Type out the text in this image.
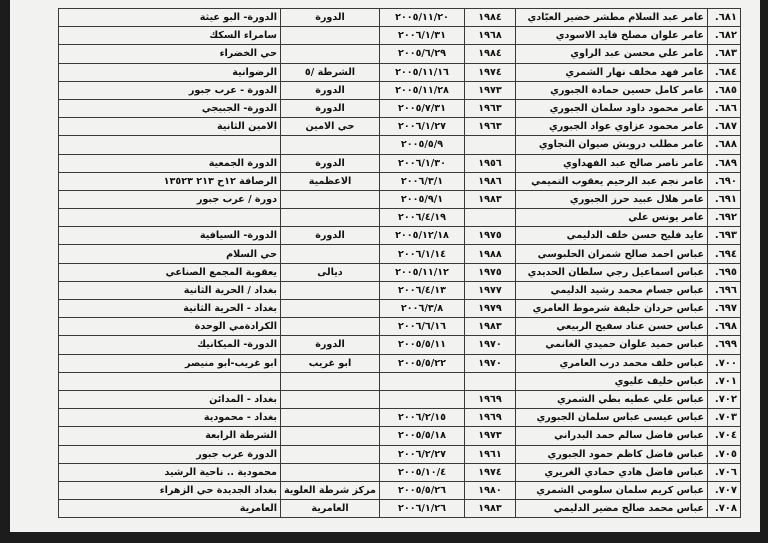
٦٨١.	عامر عبد السلام مطشر خضير العبّادي	١٩٨٤	٢٠٠٥/١١/٢٠	الدورة	الدورة- البو عيثة
٦٨٢.	عامر علوان مصلح فايد الاسودي	١٩٦٨	٢٠٠٦/١/٣١		سامراء السكك
٦٨٣.	عامر علي محسن عبد الراوي	١٩٨٤	٢٠٠٥/٦/٢٩		حي الخضراء
٦٨٤.	عامر فهد مخلف نهار الشمري	١٩٧٤	٢٠٠٥/١١/١٦	الشرطة /٥	الرضوانية
٦٨٥.	عامر كامل حسين حمادة الجبوري	١٩٧٣	٢٠٠٥/١١/٢٨	الدورة	الدورة - عرب جبور
٦٨٦.	عامر محمود داود سلمان الجبوري	١٩٦٣	٢٠٠٥/٧/٣١	الدورة	الدورة- الجبيجي
٦٨٧.	عامر محمود عزاوي عواد الجبوري	١٩٦٣	٢٠٠٦/١/٢٧	حي الامين	الامين الثانية
٦٨٨.	عامر مطلب درويش صيوان النجاوي		٢٠٠٥/٥/٩		
٦٨٩.	عامر ناصر صالح عبد الفهداوي	١٩٥٦	٢٠٠٦/١/٣٠	الدورة	الدورة الجمعية
٦٩٠.	عامر نجم عبد الرحيم يعقوب التميمي	١٩٨٦	٢٠٠٦/٣/١	الاعظمية	الرصافة ١٢ح ٢١٣ ١٣٥٢٣
٦٩١.	عامر هلال عبيد حرز الجبوري	١٩٨٣	٢٠٠٥/٩/١		دورة / عرب جبور
٦٩٢.	عامر يونس علي		٢٠٠٦/٤/١٩		
٦٩٣.	عايد فليح حسن خلف الدليمي	١٩٧٥	٢٠٠٥/١٢/١٨	الدورة	الدورة- السيافية
٦٩٤.	عباس احمد صالح شمران الحلبوسي	١٩٨٨	٢٠٠٦/١/١٤		حي السلام
٦٩٥.	عباس اسماعيل رجي سلطان الحديدي	١٩٧٥	٢٠٠٥/١١/١٢	ديالى	يعقوبة المجمع الصناعي
٦٩٦.	عباس جسام محمد رشيد الدليمي	١٩٧٧	٢٠٠٦/٤/١٣		بغداد / الحرية الثانية
٦٩٧.	عباس حردان خليفة شرموط العامري	١٩٧٩	٢٠٠٦/٣/٨		بغداد - الحرية الثانية
٦٩٨.	عباس حسن عناد سفيح الربيعي	١٩٨٣	٢٠٠٦/٦/١٦		الكرادةمي الوحدة
٦٩٩.	عباس حميد علوان حميدي الغانمي	١٩٧٠	٢٠٠٥/٥/١١	الدورة	الدورة- الميكانيك
٧٠٠.	عباس خلف محمد درب العامري	١٩٧٠	٢٠٠٥/٥/٢٢	ابو غريب	ابو غريب-ابو منيصر
٧٠١.	عباس خليف عليوي				
٧٠٢.	عباس علي عطيه بطي الشمري	١٩٦٩			بغداد - المدائن
٧٠٣.	عباس عيسى عباس سلمان الجبوري	١٩٦٩	٢٠٠٦/٢/١٥		بغداد - محمودية
٧٠٤.	عباس فاضل سالم حمد البدراني	١٩٧٣	٢٠٠٥/٥/١٨		الشرطة الرابعة
٧٠٥.	عباس فاضل كاظم حمود الجبوري	١٩٦١	٢٠٠٦/٢/٢٧		الدورة عرب جبور
٧٠٦.	عباس فاضل هادي حمادي الغريري	١٩٧٤	٢٠٠٥/١٠/٤		محمودية .. ناحية الرشيد
٧٠٧.	عباس كريم سلمان سلومي الشمري	١٩٨٠	٢٠٠٥/٥/٢٦	مركز شرطة العلوية	بغداد الجديدة حي الزهراء
٧٠٨.	عباس محمد صالح مضير الدليمي	١٩٨٣	٢٠٠٦/١/٢٦	العامرية	العامرية
